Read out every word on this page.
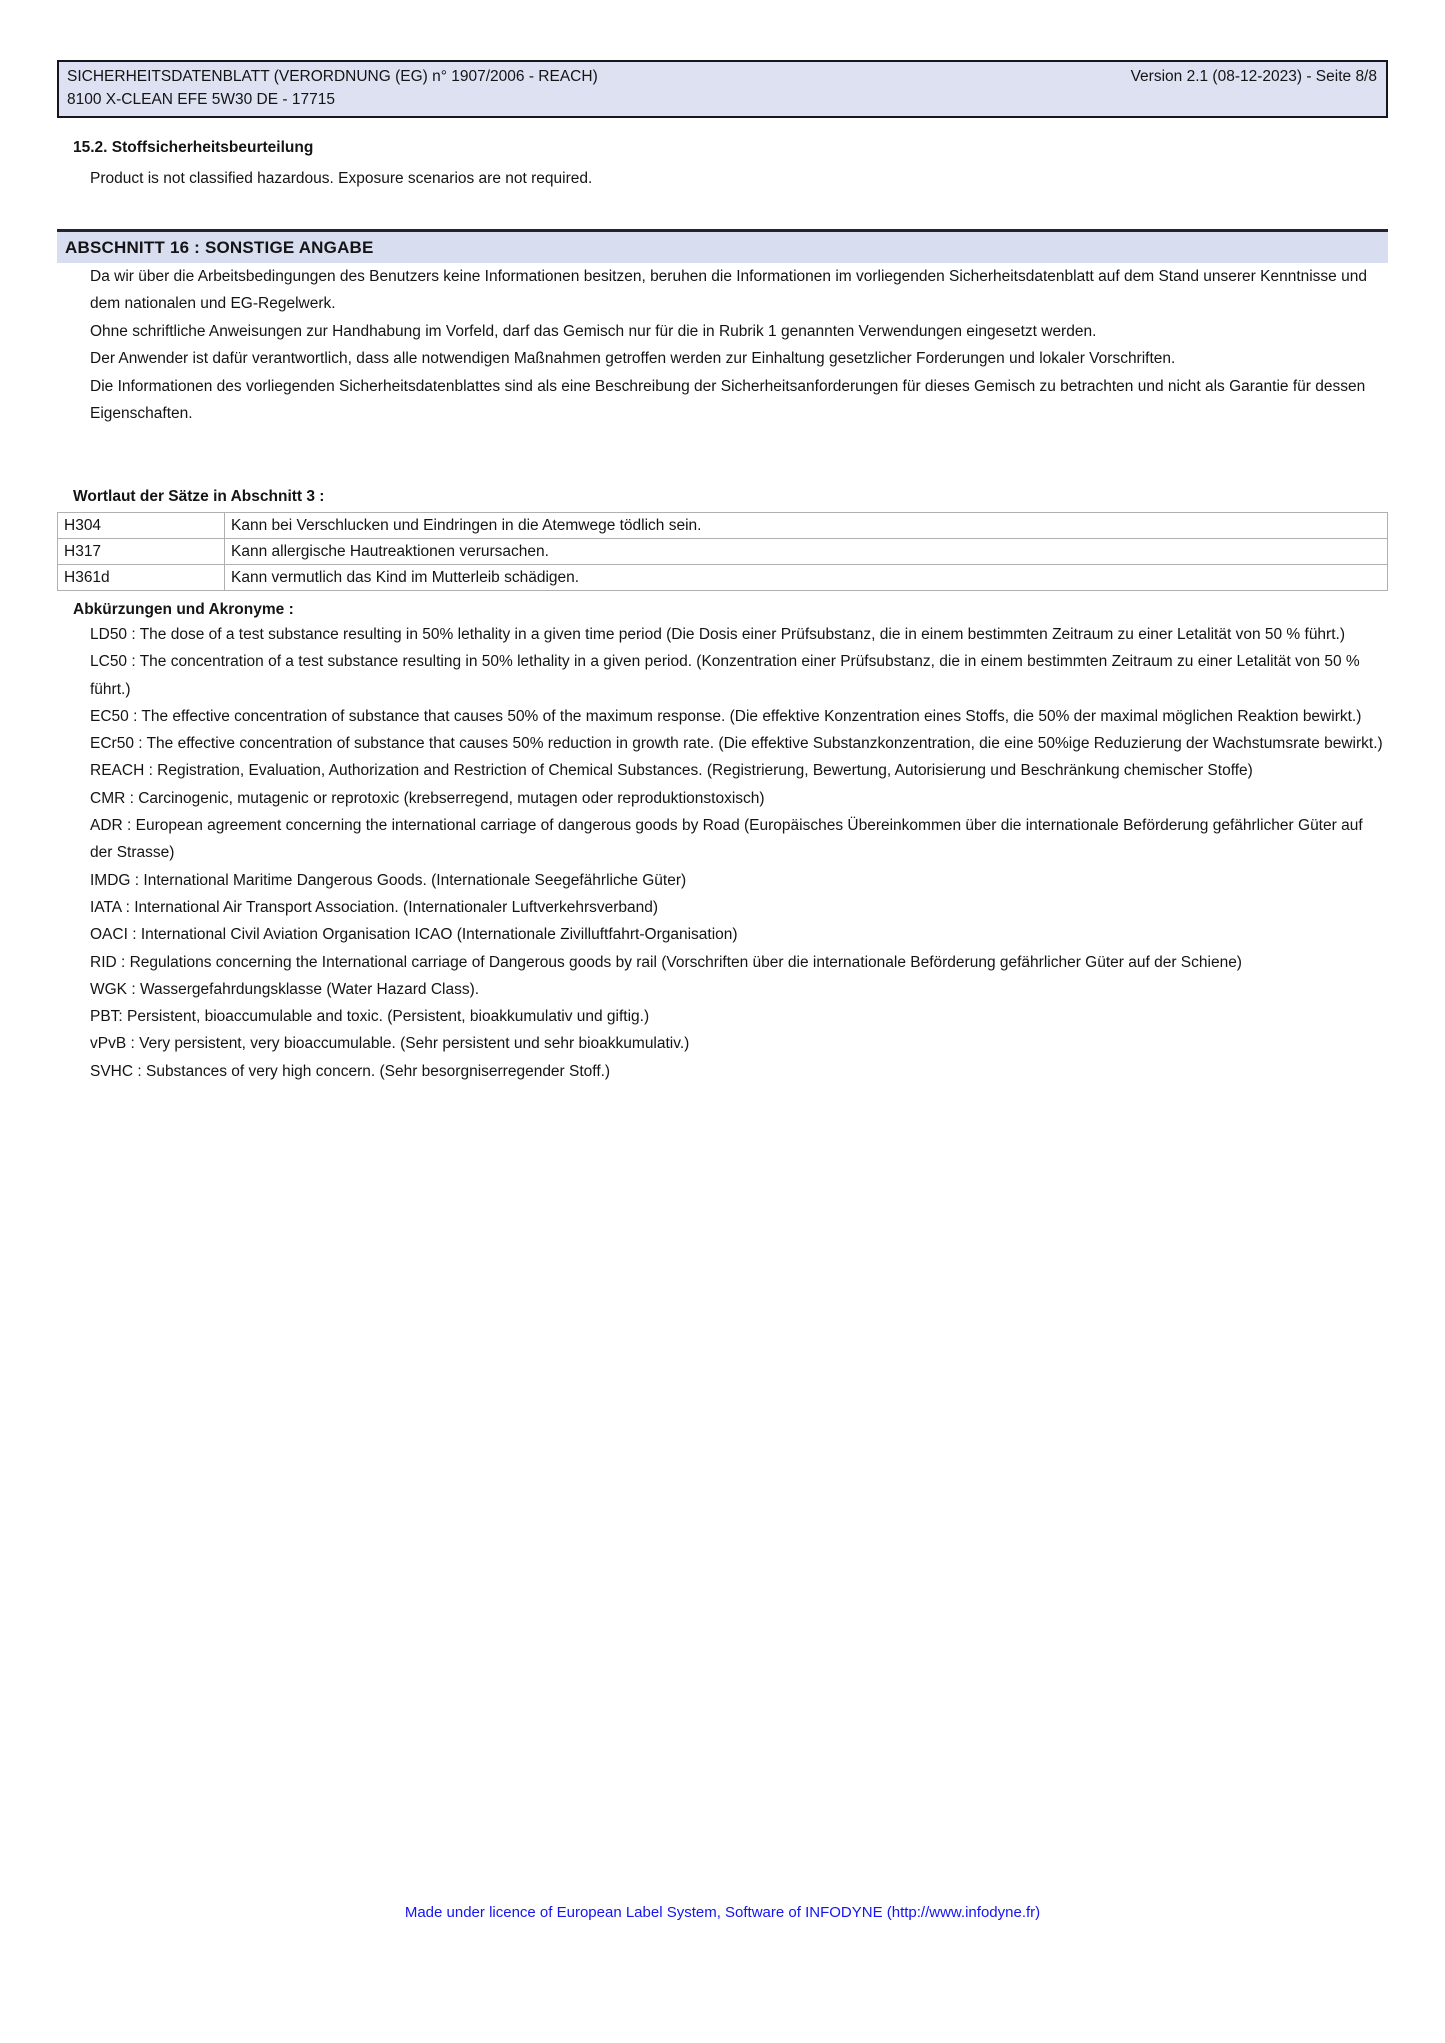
SICHERHEITSDATENBLATT (VERORDNUNG (EG) n° 1907/2006 - REACH)	Version 2.1 (08-12-2023) - Seite 8/8
8100 X-CLEAN EFE 5W30 DE - 17715
15.2. Stoffsicherheitsbeurteilung
Product is not classified hazardous. Exposure scenarios are not required.
ABSCHNITT 16 : SONSTIGE ANGABE

Da wir über die Arbeitsbedingungen des Benutzers keine Informationen besitzen, beruhen die Informationen im vorliegenden Sicherheitsdatenblatt auf dem Stand unserer Kenntnisse und dem nationalen und EG-Regelwerk.

Ohne schriftliche Anweisungen zur Handhabung im Vorfeld, darf das Gemisch nur für die in Rubrik 1 genannten Verwendungen eingesetzt werden.

Der Anwender ist dafür verantwortlich, dass alle notwendigen Maßnahmen getroffen werden zur Einhaltung gesetzlicher Forderungen und lokaler Vorschriften.

Die Informationen des vorliegenden Sicherheitsdatenblattes sind als eine Beschreibung der Sicherheitsanforderungen für dieses Gemisch zu betrachten und nicht als Garantie für dessen Eigenschaften.

Wortlaut der Sätze in Abschnitt 3 :
H304	Kann bei Verschlucken und Eindringen in die Atemwege tödlich sein.
H317	Kann allergische Hautreaktionen verursachen.
H361d	Kann vermutlich das Kind im Mutterleib schädigen.
Abkürzungen und Akronyme :

LD50 : The dose of a test substance resulting in 50% lethality in a given time period (Die Dosis einer Prüfsubstanz, die in einem bestimmten Zeitraum zu einer Letalität von 50 % führt.)

LC50 : The concentration of a test substance resulting in 50% lethality in a given period. (Konzentration einer Prüfsubstanz, die in einem bestimmten Zeitraum zu einer Letalität von 50 % führt.)

EC50 : The effective concentration of substance that causes 50% of the maximum response. (Die effektive Konzentration eines Stoffs, die 50% der maximal möglichen Reaktion bewirkt.)

ECr50 : The effective concentration of substance that causes 50% reduction in growth rate. (Die effektive Substanzkonzentration, die eine 50%ige Reduzierung der Wachstumsrate bewirkt.)

REACH : Registration, Evaluation, Authorization and Restriction of Chemical Substances. (Registrierung, Bewertung, Autorisierung und Beschränkung chemischer Stoffe)

CMR : Carcinogenic, mutagenic or reprotoxic (krebserregend, mutagen oder reproduktionstoxisch)

ADR : European agreement concerning the international carriage of dangerous goods by Road (Europäisches Übereinkommen über die internationale Beförderung gefährlicher Güter auf der Strasse)

IMDG : International Maritime Dangerous Goods. (Internationale Seegefährliche Güter)

IATA : International Air Transport Association. (Internationaler Luftverkehrsverband)

OACI : International Civil Aviation Organisation ICAO (Internationale Zivilluftfahrt-Organisation)

RID : Regulations concerning the International carriage of Dangerous goods by rail (Vorschriften über die internationale Beförderung gefährlicher Güter auf der Schiene)

WGK : Wassergefahrdungsklasse (Water Hazard Class).

PBT: Persistent, bioaccumulable and toxic. (Persistent, bioakkumulativ und giftig.)

vPvB : Very persistent, very bioaccumulable. (Sehr persistent und sehr bioakkumulativ.)

SVHC : Substances of very high concern. (Sehr besorgniserregender Stoff.)

Made under licence of European Label System, Software of INFODYNE (http://www.infodyne.fr)
